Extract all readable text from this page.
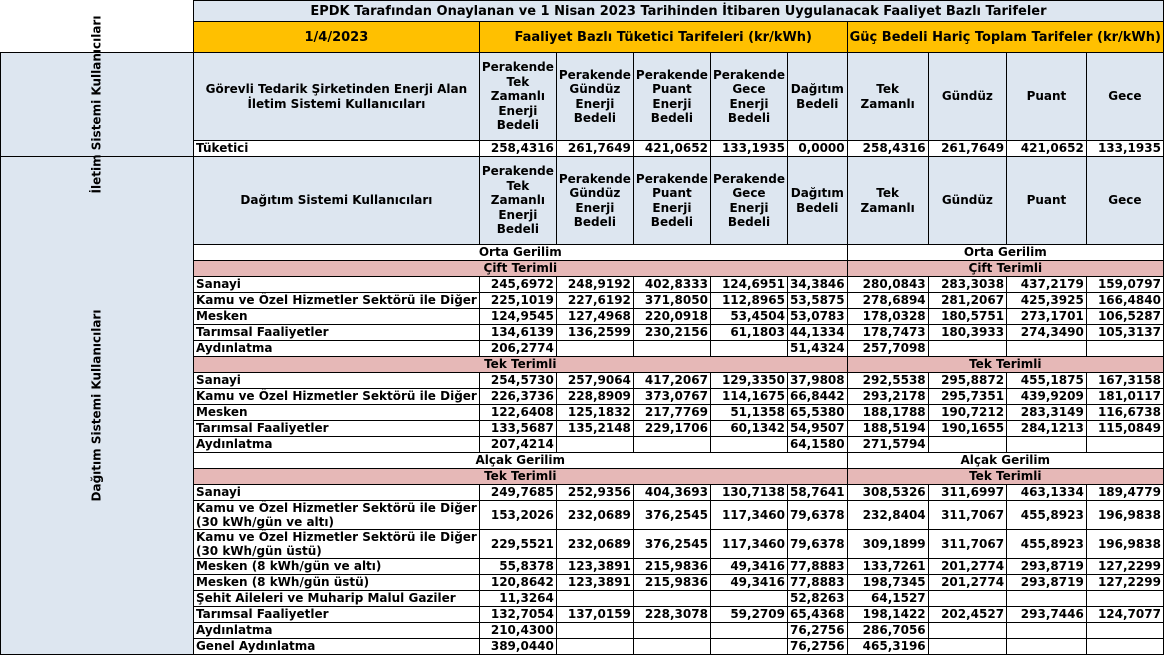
	EPDK Tarafından Onaylanan ve 1 Nisan 2023 Tarihinden İtibaren Uygulanacak Faaliyet Bazlı Tarifeler									
	1/4/2023	Faaliyet Bazlı Tüketici Tarifeleri (kr/kWh)					Güç Bedeli Hariç Toplam Tarifeler (kr/kWh)			
İletim Sistemi Kullanıcıları	Görevli Tedarik Şirketinden Enerji Alan İletim Sistemi Kullanıcıları	Perakende Tek Zamanlı Enerji Bedeli	Perakende Gündüz Enerji Bedeli	Perakende Puant Enerji Bedeli	Perakende Gece Enerji Bedeli	Dağıtım Bedeli	Tek Zamanlı	Gündüz	Puant	Gece
	Tüketici	258,4316	261,7649	421,0652	133,1935	0,0000	258,4316	261,7649	421,0652	133,1935
Dağıtım Sistemi Kullanıcıları	Dağıtım Sistemi Kullanıcıları	Perakende Tek Zamanlı Enerji Bedeli	Perakende Gündüz Enerji Bedeli	Perakende Puant Enerji Bedeli	Perakende Gece Enerji Bedeli	Dağıtım Bedeli	Tek Zamanlı	Gündüz	Puant	Gece
	Orta Gerilim						Orta Gerilim			
	Çift Terimli						Çift Terimli			
	Sanayi	245,6972	248,9192	402,8333	124,6951	34,3846	280,0843	283,3038	437,2179	159,0797
	Kamu ve Özel Hizmetler Sektörü ile Diğer	225,1019	227,6192	371,8050	112,8965	53,5875	278,6894	281,2067	425,3925	166,4840
	Mesken	124,9545	127,4968	220,0918	53,4504	53,0783	178,0328	180,5751	273,1701	106,5287
	Tarımsal Faaliyetler	134,6139	136,2599	230,2156	61,1803	44,1334	178,7473	180,3933	274,3490	105,3137
	Aydınlatma	206,2774				51,4324	257,7098			
	Tek Terimli						Tek Terimli			
	Sanayi	254,5730	257,9064	417,2067	129,3350	37,9808	292,5538	295,8872	455,1875	167,3158
	Kamu ve Özel Hizmetler Sektörü ile Diğer	226,3736	228,8909	373,0767	114,1675	66,8442	293,2178	295,7351	439,9209	181,0117
	Mesken	122,6408	125,1832	217,7769	51,1358	65,5380	188,1788	190,7212	283,3149	116,6738
	Tarımsal Faaliyetler	133,5687	135,2148	229,1706	60,1342	54,9507	188,5194	190,1655	284,1213	115,0849
	Aydınlatma	207,4214				64,1580	271,5794			
	Alçak Gerilim						Alçak Gerilim			
	Tek Terimli						Tek Terimli			
	Sanayi	249,7685	252,9356	404,3693	130,7138	58,7641	308,5326	311,6997	463,1334	189,4779
	Kamu ve Özel Hizmetler Sektörü ile Diğer (30 kWh/gün ve altı)	153,2026	232,0689	376,2545	117,3460	79,6378	232,8404	311,7067	455,8923	196,9838
	Kamu ve Özel Hizmetler Sektörü ile Diğer (30 kWh/gün üstü)	229,5521	232,0689	376,2545	117,3460	79,6378	309,1899	311,7067	455,8923	196,9838
	Mesken (8 kWh/gün ve altı)	55,8378	123,3891	215,9836	49,3416	77,8883	133,7261	201,2774	293,8719	127,2299
	Mesken (8 kWh/gün üstü)	120,8642	123,3891	215,9836	49,3416	77,8883	198,7345	201,2774	293,8719	127,2299
	Şehit Aileleri ve Muharip Malul Gaziler	11,3264				52,8263	64,1527			
	Tarımsal Faaliyetler	132,7054	137,0159	228,3078	59,2709	65,4368	198,1422	202,4527	293,7446	124,7077
	Aydınlatma	210,4300				76,2756	286,7056			
	Genel Aydınlatma	389,0440				76,2756	465,3196			
